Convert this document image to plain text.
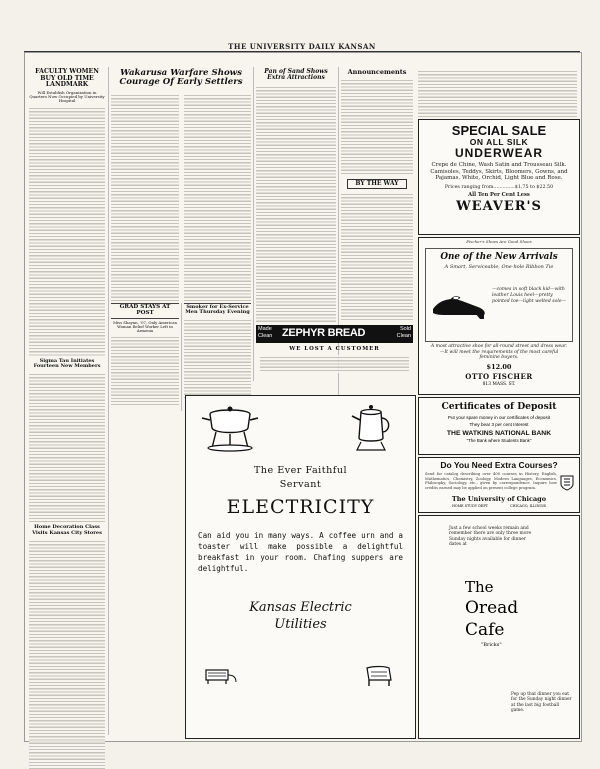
THE UNIVERSITY DAILY KANSAN
FACULTY WOMEN BUY OLD TIME LANDMARK
Will Establish Organization in Quarters Now Occupied by University Hospital
Sigma Tau Initiates Fourteen New Members
Home Decoration Class Visits Kansas City Stores
Wakarusa Warfare Shows Courage Of Early Settlers
GRAD STAYS AT POST
Miss Shaynn, '07, Only American Woman Relief Worker Left in Armenia
Smoker for Ex-Service Men Thursday Evening
Pan of Sand Shows Extra Attractions
Announcements
BY THE WAY
Made Clean ZEPHYR BREAD	Sold Clean
WE LOST A CUSTOMER
SPECIAL SALE
ON ALL SILK
UNDERWEAR
Crepe de Chine, Wash Satin and Trousseau Silk. Camisoles, Teddys, Skirts, Bloomers, Gowns, and Pajamas. White, Orchid, Light Blue and Rose.
Prices ranging from..............$1.75 to $22.50
All Ten Per Cent Less
WEAVER'S
Fischer's Shoes Are Good Shoes
One of the New Arrivals
A Smart, Serviceable, One-hole Ribbon Tie
—comes in soft black kid—with leather Louis heel—pretty pointed toe—light welted sole—
A most attractive shoe for all-round street and dress wear.—It will meet the requirements of the most careful feminine buyers.
$12.00
OTTO FISCHER
813 MASS. ST.
Certificates of Deposit
Put your spare money in our certificates of deposit
They bear 3 per cent Interest
THE WATKINS NATIONAL BANK
"The Bank where Students Bank"
Do You Need Extra Courses?
Send for catalog describing over 400 courses in History, English, Mathematics, Chemistry, Zoology, Modern Languages, Economics, Philosophy, Sociology, etc., given by correspondence. Inquire how credits earned may be applied on present college program.
The University of Chicago
HOME STUDY DEPT.                    CHICAGO, ILLINOIS
The Ever Faithful
Servant
ELECTRICITY
Can aid you in many ways. A coffee urn and a toaster will make possible a delightful breakfast in your room. Chafing suppers are delightful.
Kansas Electric
Utilities
Just a few school weeks remain and remember there are only three more Sunday nights available for dinner dates at
The
Oread
Cafe
"Bricks"
Pep up that dinner you eat for the Sunday night dinner at the last big football game.
